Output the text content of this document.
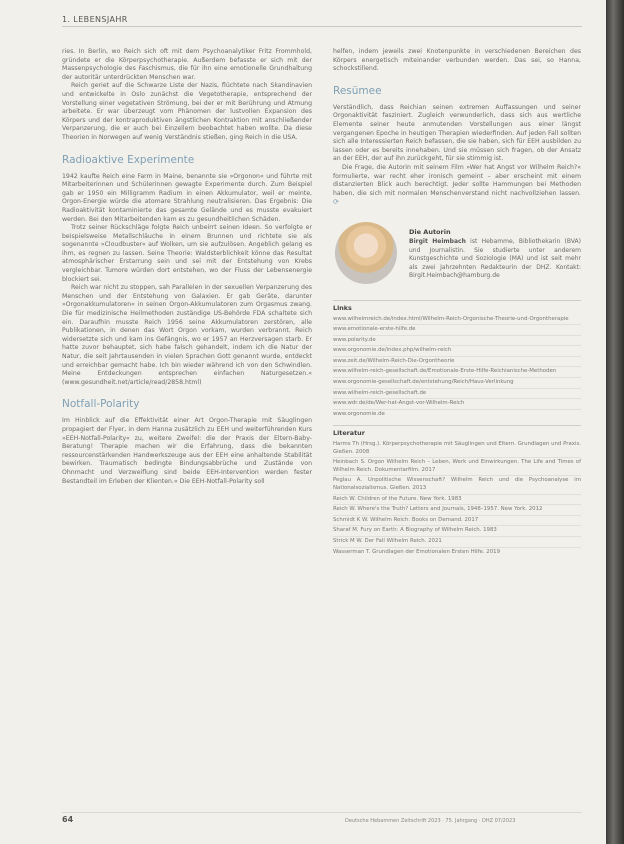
1. LEBENSJAHR

ries. In Berlin, wo Reich sich oft mit dem Psychoanalytiker Fritz Frommhold, gründete er die Körperpsychotherapie. Außerdem befasste er sich mit der Massenpsychologie des Faschismus, die für ihn eine emotionelle Grundhaltung der autoritär unterdrückten Menschen war.

Reich geriet auf die Schwarze Liste der Nazis, flüchtete nach Skandinavien und entwickelte in Oslo zunächst die Vegetotherapie, entsprechend der Vorstellung einer vegetativen Strömung, bei der er mit Berührung und Atmung arbeitete. Er war überzeugt vom Phänomen der lustvollen Expansion des Körpers und der kontraproduktiven ängstlichen Kontraktion mit anschließender Verpanzerung, die er auch bei Einzellern beobachtet haben wollte. Da diese Theorien in Norwegen auf wenig Verständnis stießen, ging Reich in die USA.

Radioaktive Experimente

1942 kaufte Reich eine Farm in Maine, benannte sie »Orgonon« und führte mit Mitarbeiterinnen und Schülerinnen gewagte Experimente durch. Zum Beispiel gab er 1950 ein Milligramm Radium in einen Akkumulator, weil er meinte, Orgon-Energie würde die atomare Strahlung neutralisieren. Das Ergebnis: Die Radioaktivität kontaminierte das gesamte Gelände und es musste evakuiert werden. Bei den Mitarbeitenden kam es zu gesundheitlichen Schäden.

Trotz seiner Rückschläge folgte Reich unbeirrt seinen Ideen. So verfolgte er beispielsweise Metallschläuche in einem Brunnen und richtete sie als sogenannte »Cloudbuster« auf Wolken, um sie aufzulösen. Angeblich gelang es ihm, es regnen zu lassen. Seine Theorie: Waldsterblichkeit könne das Resultat atmosphärischer Erstarrung sein und sei mit der Entstehung von Krebs vergleichbar. Tumore würden dort entstehen, wo der Fluss der Lebensenergie blockiert sei.

Reich war nicht zu stoppen, sah Parallelen in der sexuellen Verpanzerung des Menschen und der Entstehung von Galaxien. Er gab Geräte, darunter »Orgonakkumulatoren« in seinen Orgon-Akkumulatoren zum Orgasmus zwang. Die für medizinische Heilmethoden zuständige US-Behörde FDA schaltete sich ein. Daraufhin musste Reich 1956 seine Akkumulatoren zerstören, alle Publikationen, in denen das Wort Orgon vorkam, wurden verbrannt. Reich widersetzte sich und kam ins Gefängnis, wo er 1957 an Herzversagen starb. Er hatte zuvor behauptet, sich habe falsch gehandelt, indem ich die Natur der Natur, die seit Jahrtausenden in vielen Sprachen Gott genannt wurde, entdeckt und erreichbar gemacht habe. Ich bin wieder während ich von den Schwindlen. Meine Entdeckungen entsprechen einfachen Naturgesetzen.« (www.gesundheit.net/article/read/2858.html)

Notfall-Polarity

Im Hinblick auf die Effektivität einer Art Orgon-Therapie mit Säuglingen propagiert der Flyer, in dem Hanna zusätzlich zu EEH und weiterführenden Kurs »EEH-Notfall-Polarity« zu, weitere Zweifel: die der Praxis der Eltern-Baby-Beratung! Therapie machen wir die Erfahrung, dass die bekannten ressourcenstärkenden Handwerkszeuge aus der EEH eine anhaltende Stabilität bewirken. Traumatisch bedingte Bindungsabbrüche und Zustände von Ohnmacht und Verzweiflung sind beide EEH-Intervention werden fester Bestandteil im Erleben der Klienten.« Die EEH-Notfall-Polarity soll

helfen, indem jeweils zwei Knotenpunkte in verschiedenen Bereichen des Körpers energetisch miteinander verbunden werden. Das sei, so Hanna, schockstillend.

Resümee

Verständlich, dass Reichian seinen extremen Auffassungen und seiner Orgonaktivität fasziniert. Zugleich verwunderlich, dass sich aus wertliche Elemente seiner heute anmutenden Vorstellungen aus einer längst vergangenen Epoche in heutigen Therapien wiederfinden. Auf jeden Fall sollten sich alle Interessierten Reich befassen, die sie haben, sich für EEH ausbilden zu lassen oder es bereits innehaben. Und sie müssen sich fragen, ob der Ansatz an der EEH, der auf ihn zurückgeht, für sie stimmig ist.

Die Frage, die Autorin mit seinem Film »Wer hat Angst vor Wilhelm Reich?« formulierte, war recht eher ironisch gemeint – aber erscheint mit einem distanzierten Blick auch berechtigt. Jeder sollte Hammungen bei Methoden haben, die sich mit normalen Menschenverstand nicht nachvollziehen lassen. ⟳

Die Autorin
Birgit Heimbach ist Hebamme, Bibliothekarin (BVA) und Journalistin. Sie studierte unter anderem Kunstgeschichte und Soziologie (MA) und ist seit mehr als zwei Jahrzehnten Redakteurin der DHZ. Kontakt: Birgit.Heimbach@hamburg.de
Links
www.wilhelmreich.de/index.html/Wilhelm-Reich-Orgonische-Theorie-und-Orgontherapie
www.emotionale-erste-hilfe.de
www.polarity.de
www.orgonomie.de/index.php/wilhelm-reich
www.zeit.de/Wilhelm-Reich-Die-Orgontheorie
www.wilhelm-reich-gesellschaft.de/Emotionale-Erste-Hilfe-Reichianische-Methoden
www.orgonomie-gesellschaft.de/entstehung/Reich/Haus-Verlinkung
www.wilhelm-reich-gesellschaft.de
www.wdr.de/de/Wer-hat-Angst-vor-Wilhelm-Reich
www.orgonomie.de
Literatur
Harms Th (Hrsg.). Körperpsychotherapie mit Säuglingen und Eltern. Grundlagen und Praxis. Gießen. 2008
Heinbach S. Orgon Wilhelm Reich – Leben, Werk und Einwirkungen. The Life and Times of Wilhelm Reich. Dokumentarfilm. 2017
Peglau A. Unpolitische Wissenschaft? Wilhelm Reich und die Psychoanalyse im Nationalsozialismus. Gießen. 2013
Reich W. Children of the Future. New York. 1983
Reich W. Where's the Truth? Letters and Journals, 1948–1957. New York. 2012
Schmidt K W. Wilhelm Reich: Books on Demand. 2017
Sharaf M. Fury on Earth: A Biography of Wilhelm Reich. 1983
Strick M W. Der Fall Wilhelm Reich. 2021
Wasserman T. Grundlagen der Emotionalen Ersten Hilfe. 2019
64	Deutsche Hebammen Zeitschrift 2023 · 75. Jahrgang · DHZ 07/2023
